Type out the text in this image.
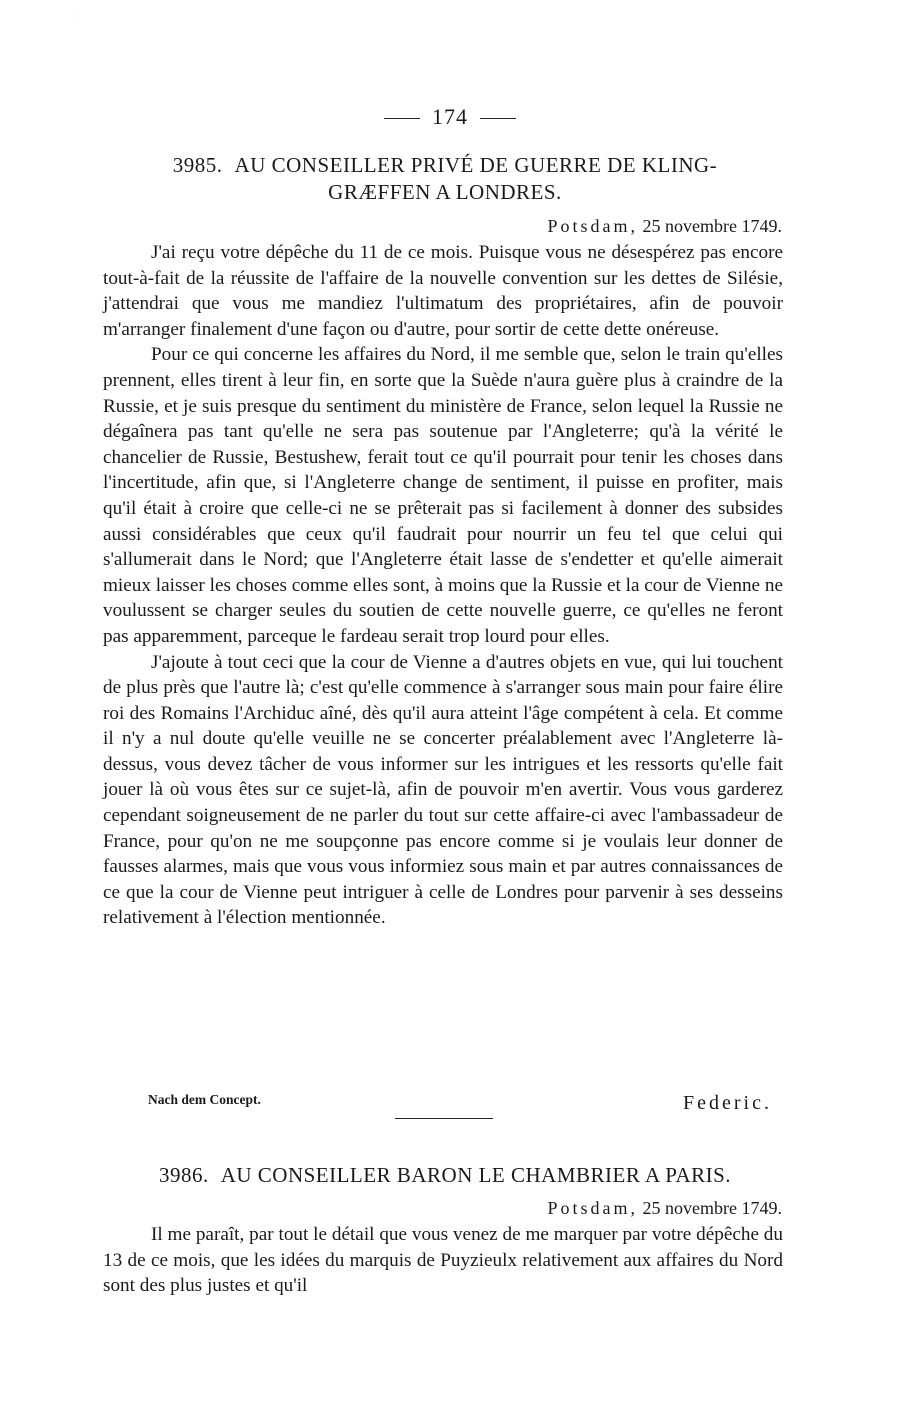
·
174
3985. AU CONSEILLER PRIVÉ DE GUERRE DE KLING-
GRÆFFEN A LONDRES.
Potsdam, 25 novembre 1749.

J'ai reçu votre dépêche du 11 de ce mois. Puisque vous ne désespérez pas encore tout-à-fait de la réussite de l'affaire de la nouvelle convention sur les dettes de Silésie, j'attendrai que vous me mandiez l'ultimatum des propriétaires, afin de pouvoir m'arranger finalement d'une façon ou d'autre, pour sortir de cette dette onéreuse.

Pour ce qui concerne les affaires du Nord, il me semble que, selon le train qu'elles prennent, elles tirent à leur fin, en sorte que la Suède n'aura guère plus à craindre de la Russie, et je suis presque du sentiment du ministère de France, selon lequel la Russie ne dégaînera pas tant qu'elle ne sera pas soutenue par l'Angleterre; qu'à la vérité le chancelier de Russie, Bestushew, ferait tout ce qu'il pourrait pour tenir les choses dans l'incertitude, afin que, si l'Angleterre change de sentiment, il puisse en profiter, mais qu'il était à croire que celle-ci ne se prêterait pas si facilement à donner des subsides aussi considérables que ceux qu'il faudrait pour nourrir un feu tel que celui qui s'allumerait dans le Nord; que l'Angleterre était lasse de s'endetter et qu'elle aimerait mieux laisser les choses comme elles sont, à moins que la Russie et la cour de Vienne ne voulussent se charger seules du soutien de cette nouvelle guerre, ce qu'elles ne feront pas apparemment, parceque le fardeau serait trop lourd pour elles.

J'ajoute à tout ceci que la cour de Vienne a d'autres objets en vue, qui lui touchent de plus près que l'autre là; c'est qu'elle commence à s'arranger sous main pour faire élire roi des Romains l'Archiduc aîné, dès qu'il aura atteint l'âge compétent à cela. Et comme il n'y a nul doute qu'elle veuille ne se concerter préalablement avec l'Angleterre là-dessus, vous devez tâcher de vous informer sur les intrigues et les ressorts qu'elle fait jouer là où vous êtes sur ce sujet-là, afin de pouvoir m'en avertir. Vous vous garderez cependant soigneusement de ne parler du tout sur cette affaire-ci avec l'ambassadeur de France, pour qu'on ne me soupçonne pas encore comme si je voulais leur donner de fausses alarmes, mais que vous vous informiez sous main et par autres connaissances de ce que la cour de Vienne peut intriguer à celle de Londres pour parvenir à ses desseins relativement à l'élection mentionnée.

Nach dem Concept.	Federic.
3986. AU CONSEILLER BARON LE CHAMBRIER A PARIS.
Potsdam, 25 novembre 1749.

Il me paraît, par tout le détail que vous venez de me marquer par votre dépêche du 13 de ce mois, que les idées du marquis de Puyzieulx relativement aux affaires du Nord sont des plus justes et qu'il
